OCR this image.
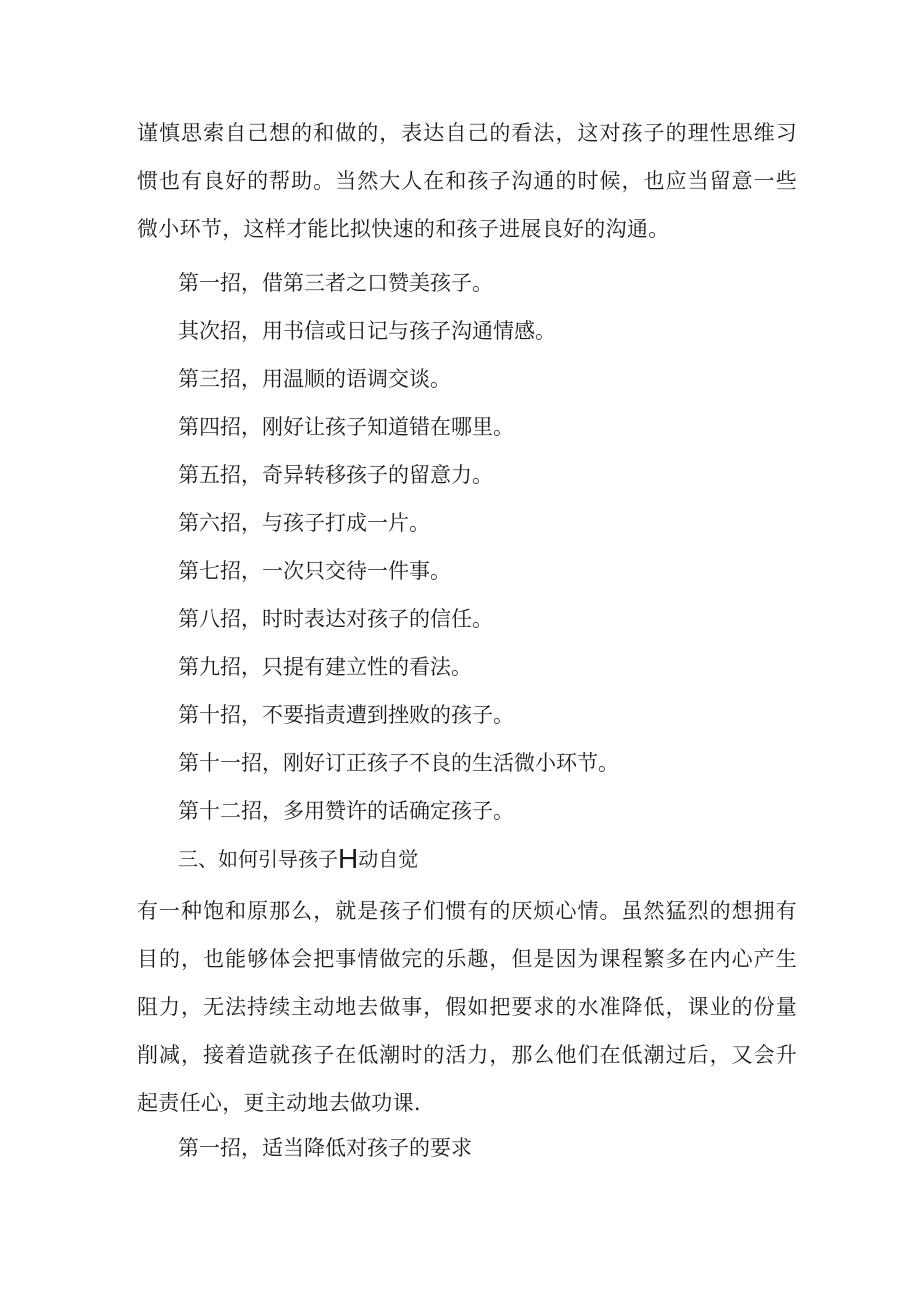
谨慎思索自己想的和做的，表达自己的看法，这对孩子的理性思维习惯也有良好的帮助。当然大人在和孩子沟通的时候，也应当留意一些微小环节，这样才能比拟快速的和孩子进展良好的沟通。

第一招，借第三者之口赞美孩子。

其次招，用书信或日记与孩子沟通情感。

第三招，用温顺的语调交谈。

第四招，刚好让孩子知道错在哪里。

第五招，奇异转移孩子的留意力。

第六招，与孩子打成一片。

第七招，一次只交待一件事。

第八招，时时表达对孩子的信任。

第九招，只提有建立性的看法。

第十招，不要指责遭到挫败的孩子。

第十一招，刚好订正孩子不良的生活微小环节。

第十二招，多用赞许的话确定孩子。

三、如何引导孩子H动自觉

有一种饱和原那么，就是孩子们惯有的厌烦心情。虽然猛烈的想拥有目的，也能够体会把事情做完的乐趣，但是因为课程繁多在内心产生阻力，无法持续主动地去做事，假如把要求的水准降低，课业的份量削减，接着造就孩子在低潮时的活力，那么他们在低潮过后，又会升起责任心，更主动地去做功课.

第一招，适当降低对孩子的要求
